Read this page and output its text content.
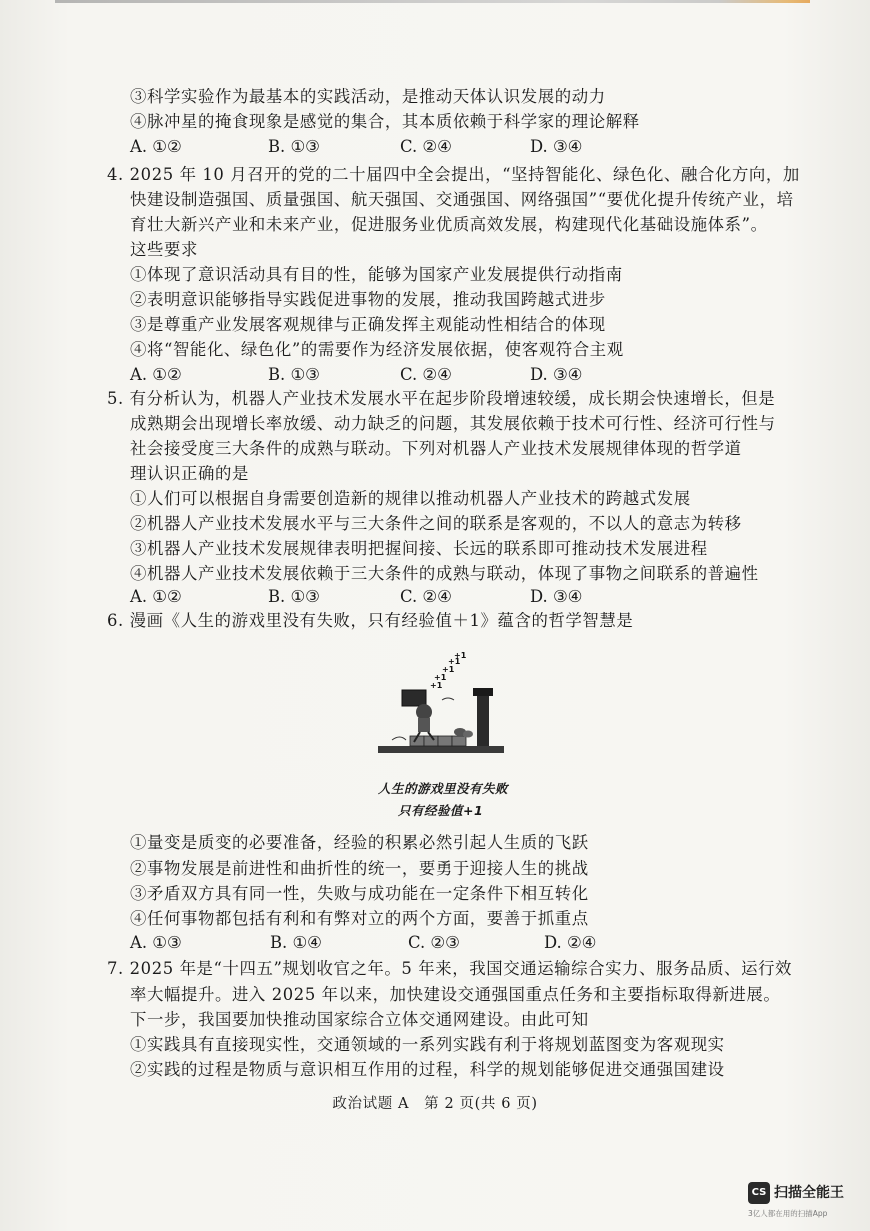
③科学实验作为最基本的实践活动，是推动天体认识发展的动力
④脉冲星的掩食现象是感觉的集合，其本质依赖于科学家的理论解释
A. ①②	B. ①③	C. ②④	D. ③④
4. 2025 年 10 月召开的党的二十届四中全会提出，“坚持智能化、绿色化、融合化方向，加
快建设制造强国、质量强国、航天强国、交通强国、网络强国”“要优化提升传统产业，培
育壮大新兴产业和未来产业，促进服务业优质高效发展，构建现代化基础设施体系”。
这些要求
①体现了意识活动具有目的性，能够为国家产业发展提供行动指南
②表明意识能够指导实践促进事物的发展，推动我国跨越式进步
③是尊重产业发展客观规律与正确发挥主观能动性相结合的体现
④将“智能化、绿色化”的需要作为经济发展依据，使客观符合主观
A. ①②	B. ①③	C. ②④	D. ③④
5. 有分析认为，机器人产业技术发展水平在起步阶段增速较缓，成长期会快速增长，但是
成熟期会出现增长率放缓、动力缺乏的问题，其发展依赖于技术可行性、经济可行性与
社会接受度三大条件的成熟与联动。下列对机器人产业技术发展规律体现的哲学道
理认识正确的是
①人们可以根据自身需要创造新的规律以推动机器人产业技术的跨越式发展
②机器人产业技术发展水平与三大条件之间的联系是客观的，不以人的意志为转移
③机器人产业技术发展规律表明把握间接、长远的联系即可推动技术发展进程
④机器人产业技术发展依赖于三大条件的成熟与联动，体现了事物之间联系的普遍性
A. ①②	B. ①③	C. ②④	D. ③④
6. 漫画《人生的游戏里没有失败，只有经验值＋1》蕴含的哲学智慧是
+1
+1
+1
+1
+1
人生的游戏里没有失败
只有经验值+1
①量变是质变的必要准备，经验的积累必然引起人生质的飞跃
②事物发展是前进性和曲折性的统一，要勇于迎接人生的挑战
③矛盾双方具有同一性，失败与成功能在一定条件下相互转化
④任何事物都包括有利和有弊对立的两个方面，要善于抓重点
A. ①③	B. ①④	C. ②③	D. ②④
7. 2025 年是“十四五”规划收官之年。5 年来，我国交通运输综合实力、服务品质、运行效
率大幅提升。进入 2025 年以来，加快建设交通强国重点任务和主要指标取得新进展。
下一步，我国要加快推动国家综合立体交通网建设。由此可知
①实践具有直接现实性，交通领域的一系列实践有利于将规划蓝图变为客观现实
②实践的过程是物质与意识相互作用的过程，科学的规划能够促进交通强国建设
政治试题 A　第 2 页(共 6 页)
CS 扫描全能王
3亿人都在用的扫描App
